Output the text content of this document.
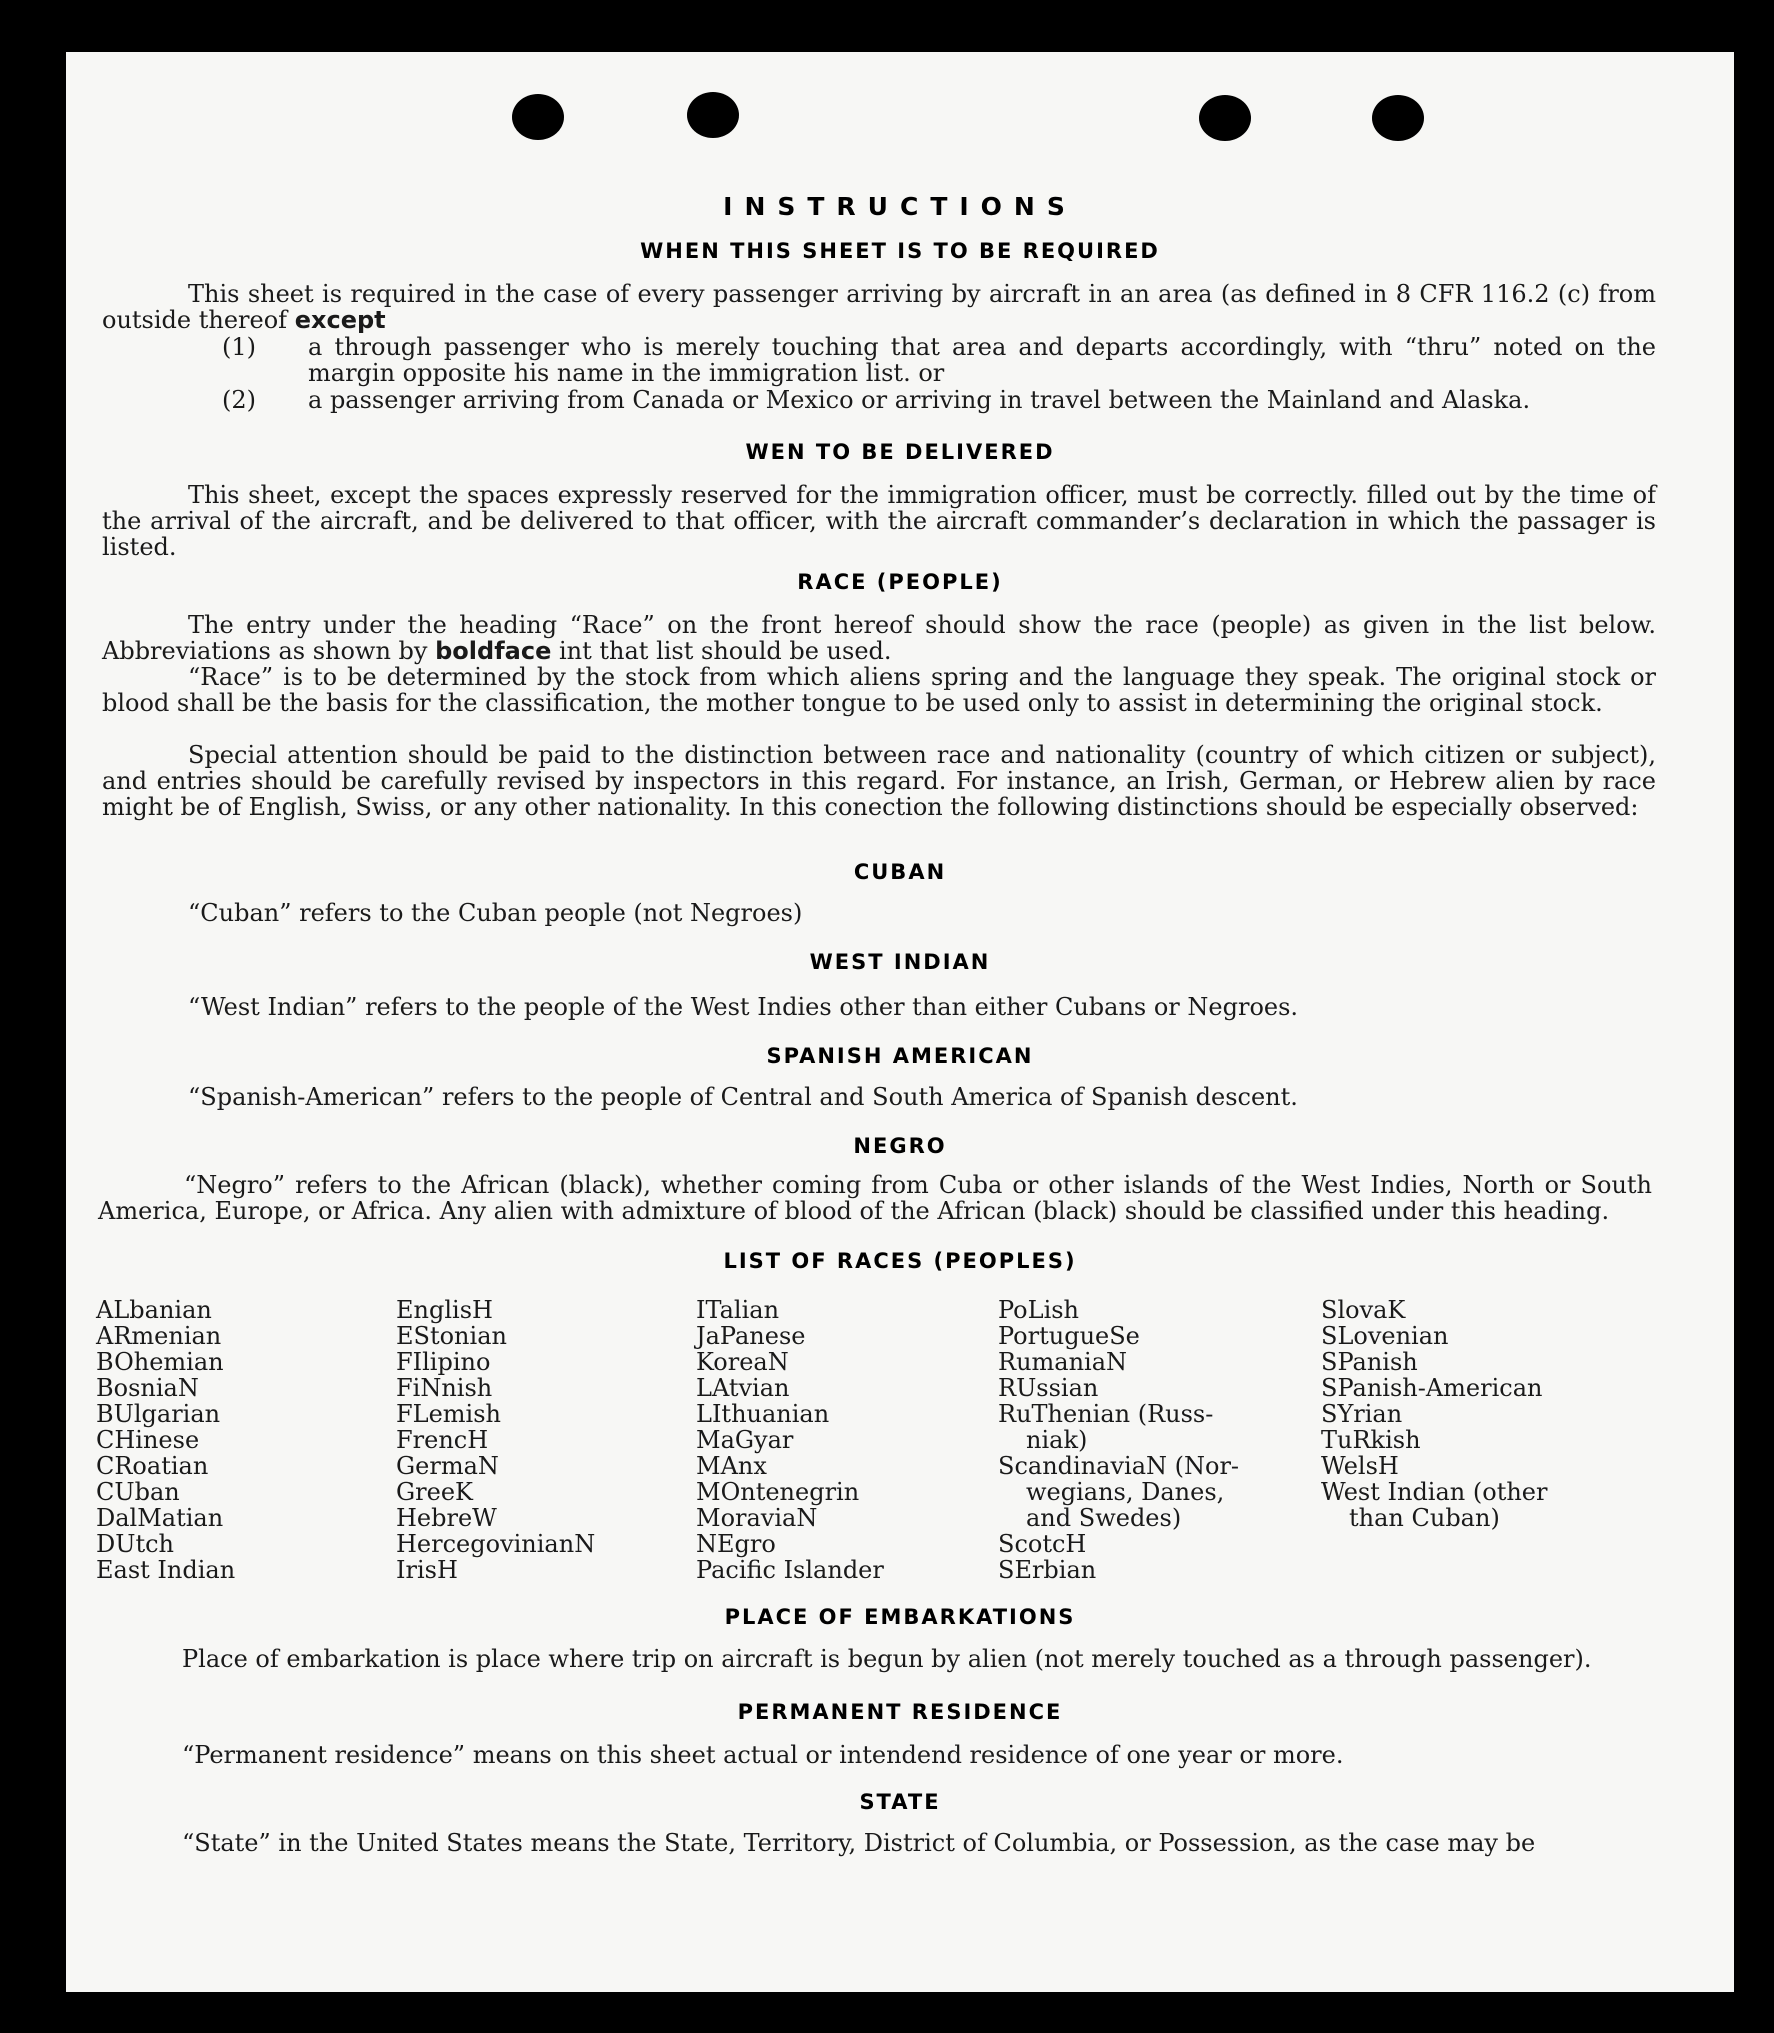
INSTRUCTIONS
WHEN THIS SHEET IS TO BE REQUIRED
This sheet is required in the case of every passenger arriving by aircraft in an area (as defined in 8 CFR 116.2 (c) from outside thereof except
(1) a through passenger who is merely touching that area and departs accordingly, with “thru” noted on the margin opposite his name in the immigration list. or
(2) a passenger arriving from Canada or Mexico or arriving in travel between the Mainland and Alaska.
WEN TO BE DELIVERED
This sheet, except the spaces expressly reserved for the immigration officer, must be correctly. filled out by the time of the arrival of the aircraft, and be delivered to that officer, with the aircraft commander’s declaration in which the passager is listed.
RACE (PEOPLE)
The entry under the heading “Race” on the front hereof should show the race (people) as given in the list below. Abbreviations as shown by boldface int that list should be used.
“Race” is to be determined by the stock from which aliens spring and the language they speak. The original stock or blood shall be the basis for the classification, the mother tongue to be used only to assist in determining the original stock.
Special attention should be paid to the distinction between race and nationality (country of which citizen or subject), and entries should be carefully revised by inspectors in this regard. For instance, an Irish, German, or Hebrew alien by race might be of English, Swiss, or any other nationality. In this conection the following distinctions should be especially observed:
CUBAN
“Cuban” refers to the Cuban people (not Negroes)
WEST INDIAN
“West Indian” refers to the people of the West Indies other than either Cubans or Negroes.
SPANISH AMERICAN
“Spanish-American” refers to the people of Central and South America of Spanish descent.
NEGRO
“Negro” refers to the African (black), whether coming from Cuba or other islands of the West Indies, North or South America, Europe, or Africa. Any alien with admixture of blood of the African (black) should be classified under this heading.
LIST OF RACES (PEOPLES)
ALbanian
ARmenian
BOhemian
BosniaN
BUlgarian
CHinese
CRoatian
CUban
DalMatian
DUtch
East Indian
EnglisH
EStonian
FIlipino
FiNnish
FLemish
FrencH
GermaN
GreeK
HebreW
HercegovinianN
IrisH
ITalian
JaPanese
KoreaN
LAtvian
LIthuanian
MaGyar
MAnx
MOntenegrin
MoraviaN
NEgro
Pacific Islander
PoLish
PortugueSe
RumaniaN
RUssian
RuThenian (Russ-
niak)
ScandinaviaN (Nor-
wegians, Danes,
and Swedes)
ScotcH
SErbian
SlovaK
SLovenian
SPanish
SPanish-American
SYrian
TuRkish
WelsH
West Indian (other
than Cuban)
PLACE OF EMBARKATIONS
Place of embarkation is place where trip on aircraft is begun by alien (not merely touched as a through passenger).
PERMANENT RESIDENCE
“Permanent residence” means on this sheet actual or intendend residence of one year or more.
STATE
“State” in the United States means the State, Territory, District of Columbia, or Possession, as the case may be
